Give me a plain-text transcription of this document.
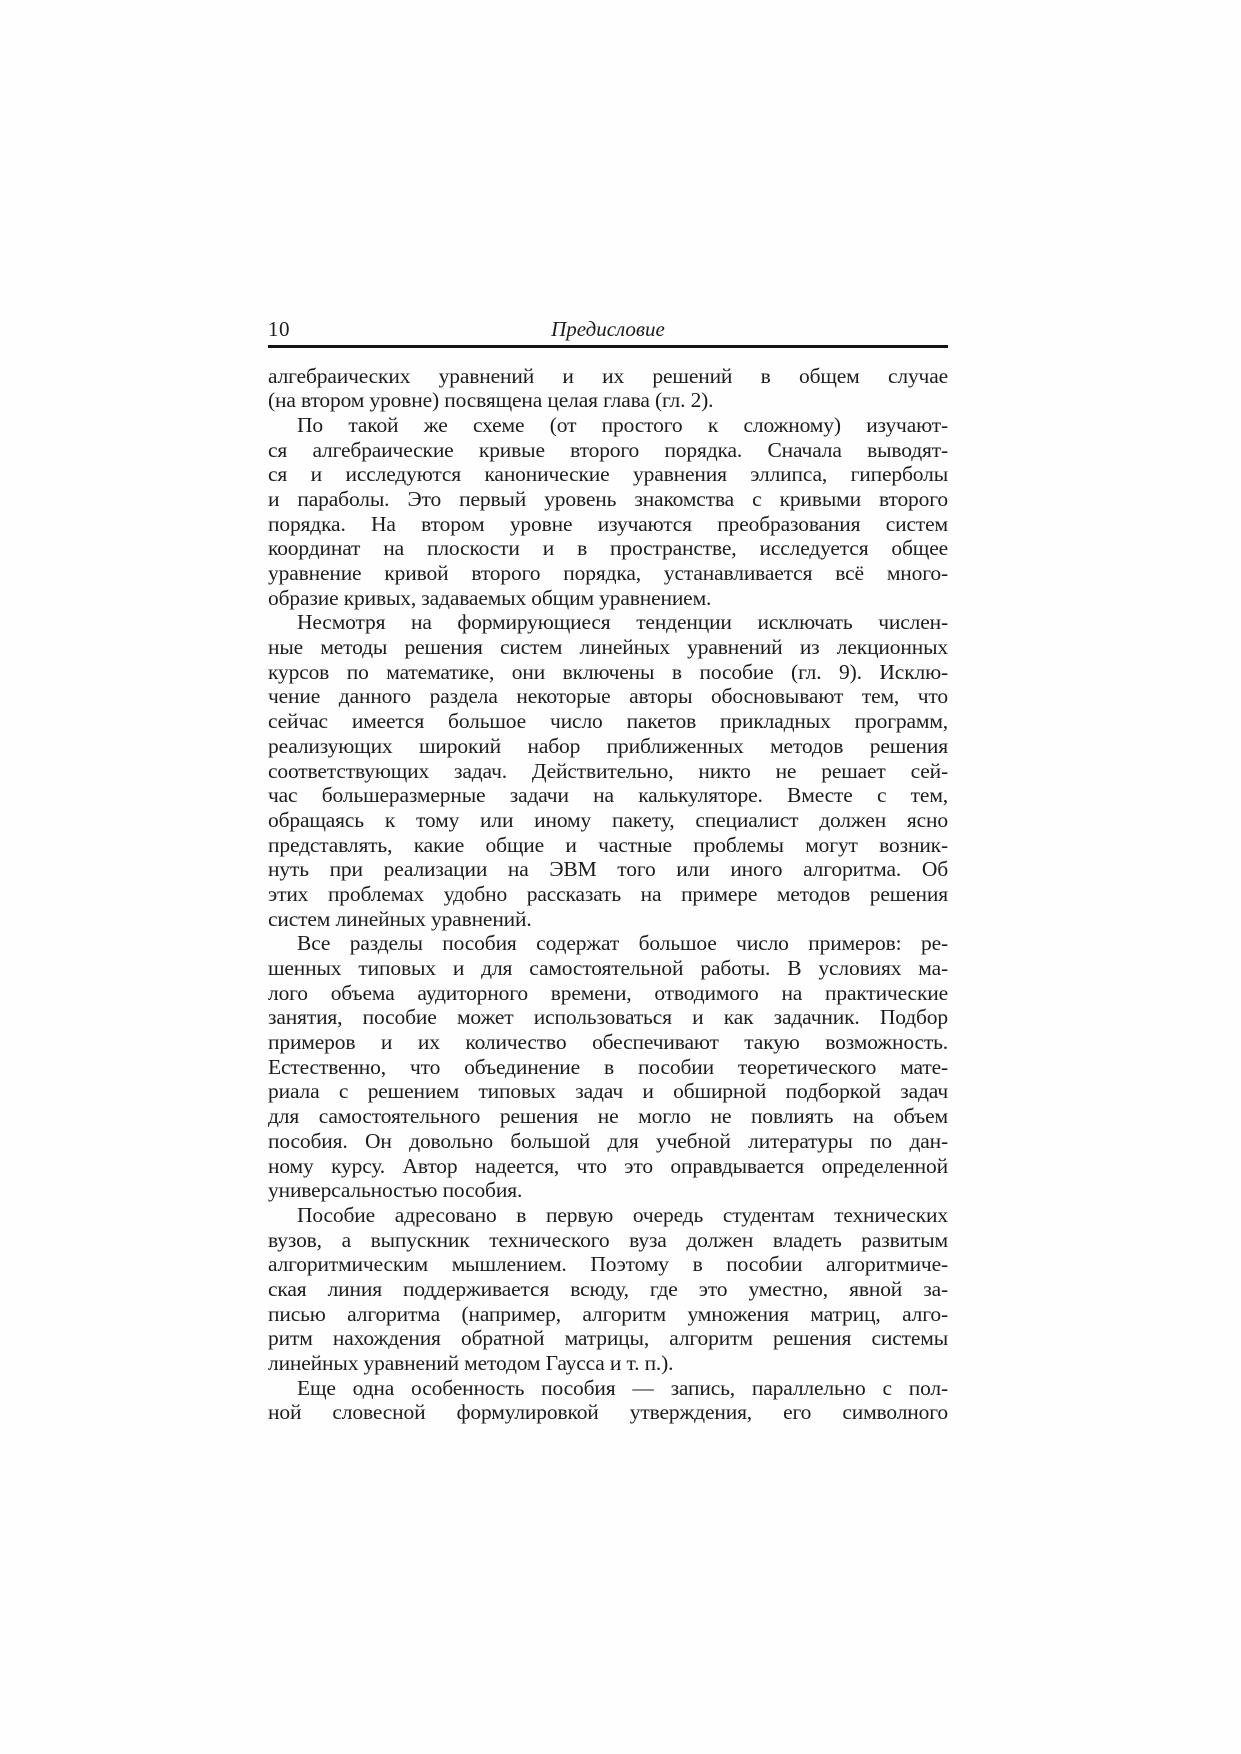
10	Предисловие
алгебраических уравнений и их решений в общем случае
(на втором уровне) посвящена целая глава (гл. 2).
По такой же схеме (от простого к сложному) изучают-
ся алгебраические кривые второго порядка. Сначала выводят-
ся и исследуются канонические уравнения эллипса, гиперболы
и параболы. Это первый уровень знакомства с кривыми второго
порядка. На втором уровне изучаются преобразования систем
координат на плоскости и в пространстве, исследуется общее
уравнение кривой второго порядка, устанавливается всё много-
образие кривых, задаваемых общим уравнением.
Несмотря на формирующиеся тенденции исключать числен-
ные методы решения систем линейных уравнений из лекционных
курсов по математике, они включены в пособие (гл. 9). Исклю-
чение данного раздела некоторые авторы обосновывают тем, что
сейчас имеется большое число пакетов прикладных программ,
реализующих широкий набор приближенных методов решения
соответствующих задач. Действительно, никто не решает сей-
час большеразмерные задачи на калькуляторе. Вместе с тем,
обращаясь к тому или иному пакету, специалист должен ясно
представлять, какие общие и частные проблемы могут возник-
нуть при реализации на ЭВМ того или иного алгоритма. Об
этих проблемах удобно рассказать на примере методов решения
систем линейных уравнений.
Все разделы пособия содержат большое число примеров: ре-
шенных типовых и для самостоятельной работы. В условиях ма-
лого объема аудиторного времени, отводимого на практические
занятия, пособие может использоваться и как задачник. Подбор
примеров и их количество обеспечивают такую возможность.
Естественно, что объединение в пособии теоретического мате-
риала с решением типовых задач и обширной подборкой задач
для самостоятельного решения не могло не повлиять на объем
пособия. Он довольно большой для учебной литературы по дан-
ному курсу. Автор надеется, что это оправдывается определенной
универсальностью пособия.
Пособие адресовано в первую очередь студентам технических
вузов, а выпускник технического вуза должен владеть развитым
алгоритмическим мышлением. Поэтому в пособии алгоритмиче-
ская линия поддерживается всюду, где это уместно, явной за-
писью алгоритма (например, алгоритм умножения матриц, алго-
ритм нахождения обратной матрицы, алгоритм решения системы
линейных уравнений методом Гаусса и т. п.).
Еще одна особенность пособия — запись, параллельно с пол-
ной словесной формулировкой утверждения, его символного
